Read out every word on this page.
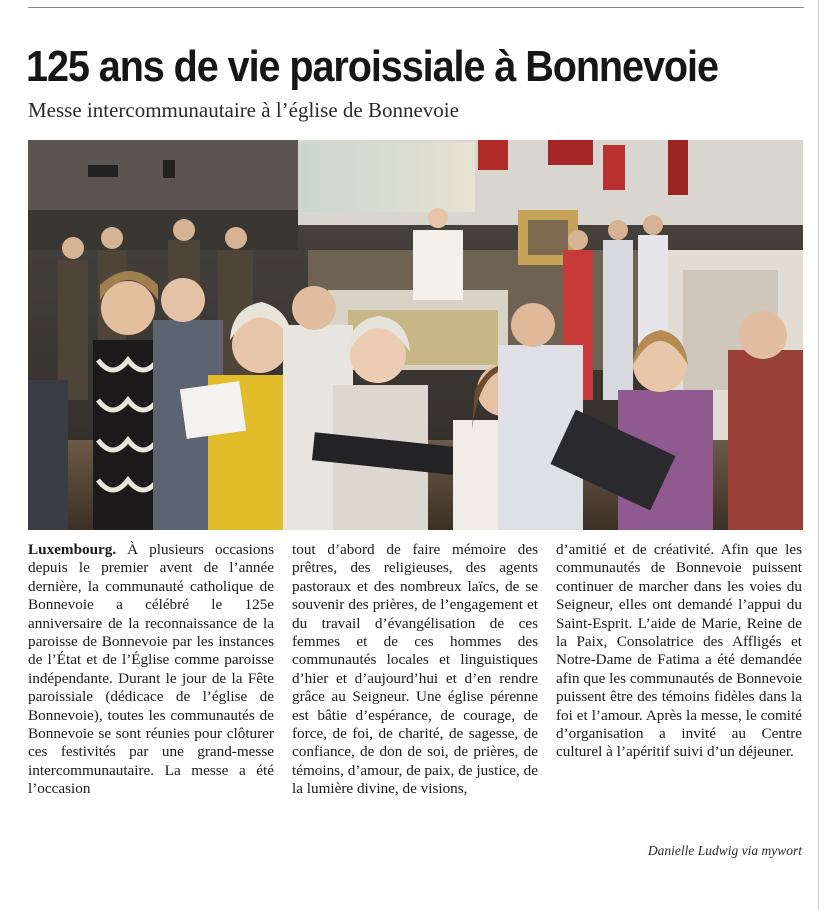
125 ans de vie paroissiale à Bonnevoie
Messe intercommunautaire à l’église de Bonnevoie

Luxembourg. À plusieurs occasions depuis le premier avent de l’année dernière, la communauté catholique de Bonnevoie a célébré le 125e anniversaire de la reconnaissance de la paroisse de Bonnevoie par les instances de l’État et de l’Église comme paroisse indépendante. Durant le jour de la Fête paroissiale (dédicace de l’église de Bonnevoie), toutes les communautés de Bonnevoie se sont réunies pour clôturer ces festivités par une grand-messe intercommunautaire. La messe a été l’occasion

tout d’abord de faire mémoire des prêtres, des religieuses, des agents pastoraux et des nombreux laïcs, de se souvenir des prières, de l’engagement et du travail d’évangélisation de ces femmes et de ces hommes des communautés locales et linguistiques d’hier et d’aujourd’hui et d’en rendre grâce au Seigneur. Une église pérenne est bâtie d’espérance, de courage, de force, de foi, de charité, de sagesse, de confiance, de don de soi, de prières, de témoins, d’amour, de paix, de justice, de la lumière divine, de visions,

d’amitié et de créativité. Afin que les communautés de Bonnevoie puissent continuer de marcher dans les voies du Seigneur, elles ont demandé l’appui du Saint-Esprit. L’aide de Marie, Reine de la Paix, Consolatrice des Affligés et Notre-Dame de Fatima a été demandée afin que les communautés de Bonnevoie puissent être des témoins fidèles dans la foi et l’amour. Après la messe, le comité d’organisation a invité au Centre culturel à l’apéritif suivi d’un déjeuner.

Danielle Ludwig via mywort
